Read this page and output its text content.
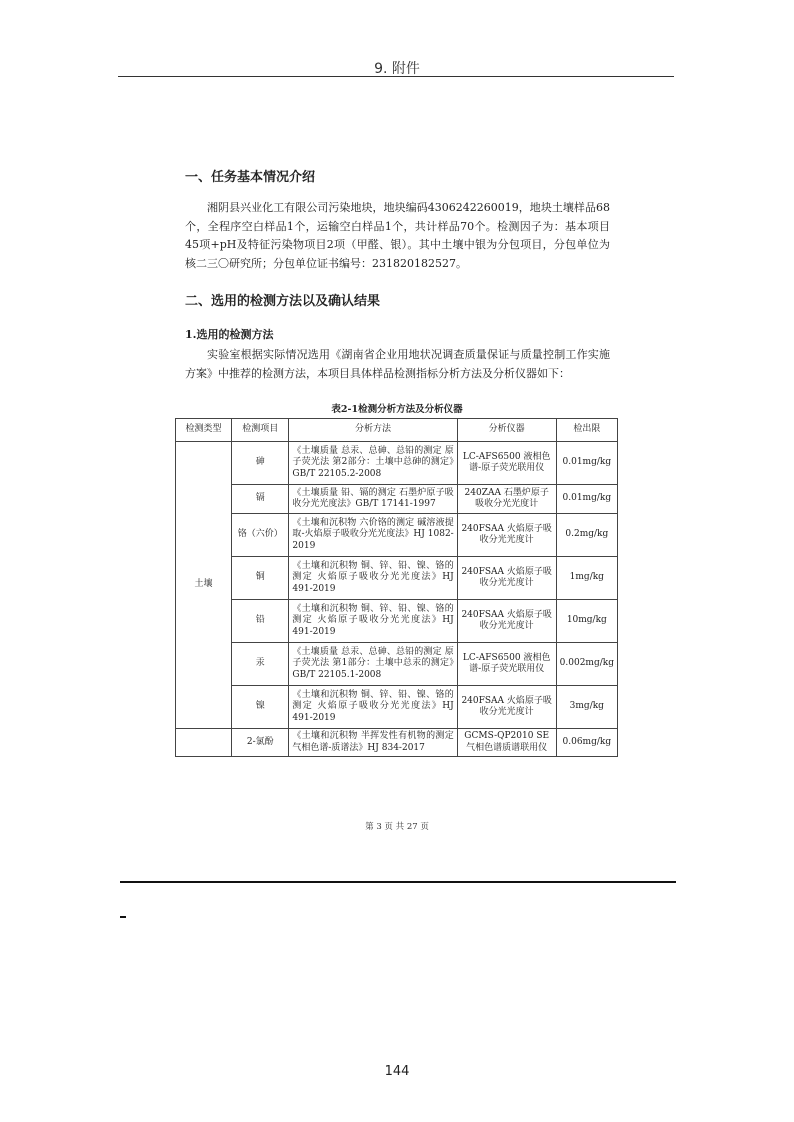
9. 附件
一、任务基本情况介绍
湘阴县兴业化工有限公司污染地块，地块编码4306242260019，地块土壤样品68个，全程序空白样品1个，运输空白样品1个，共计样品70个。检测因子为：基本项目45项+pH及特征污染物项目2项（甲醛、银）。其中土壤中银为分包项目，分包单位为核二三〇研究所；分包单位证书编号：231820182527。
二、选用的检测方法以及确认结果
1.选用的检测方法
实验室根据实际情况选用《湖南省企业用地状况调查质量保证与质量控制工作实施方案》中推荐的检测方法，本项目具体样品检测指标分析方法及分析仪器如下：
表2-1检测分析方法及分析仪器
检测类型	检测项目	分析方法	分析仪器	检出限
土壤	砷	《土壤质量 总汞、总砷、总铅的测定 原子荧光法 第2部分：土壤中总砷的测定》GB/T 22105.2-2008	LC-AFS6500 液相色谱-原子荧光联用仪	0.01mg/kg
	镉	《土壤质量 铅、镉的测定 石墨炉原子吸收分光光度法》GB/T 17141-1997	240ZAA 石墨炉原子吸收分光光度计	0.01mg/kg
	铬（六价）	《土壤和沉积物 六价铬的测定 碱溶液提取-火焰原子吸收分光光度法》HJ 1082-2019	240FSAA 火焰原子吸收分光光度计	0.2mg/kg
	铜	《土壤和沉积物 铜、锌、铅、镍、铬的测定 火焰原子吸收分光光度法》HJ 491-2019	240FSAA 火焰原子吸收分光光度计	1mg/kg
	铅	《土壤和沉积物 铜、锌、铅、镍、铬的测定 火焰原子吸收分光光度法》HJ 491-2019	240FSAA 火焰原子吸收分光光度计	10mg/kg
	汞	《土壤质量 总汞、总砷、总铅的测定 原子荧光法 第1部分：土壤中总汞的测定》GB/T 22105.1-2008	LC-AFS6500 液相色谱-原子荧光联用仪	0.002mg/kg
	镍	《土壤和沉积物 铜、锌、铅、镍、铬的测定 火焰原子吸收分光光度法》HJ 491-2019	240FSAA 火焰原子吸收分光光度计	3mg/kg
	2-氯酚	《土壤和沉积物 半挥发性有机物的测定 气相色谱-质谱法》HJ 834-2017	GCMS-QP2010 SE 气相色谱质谱联用仪	0.06mg/kg
第 3 页 共 27 页
144
